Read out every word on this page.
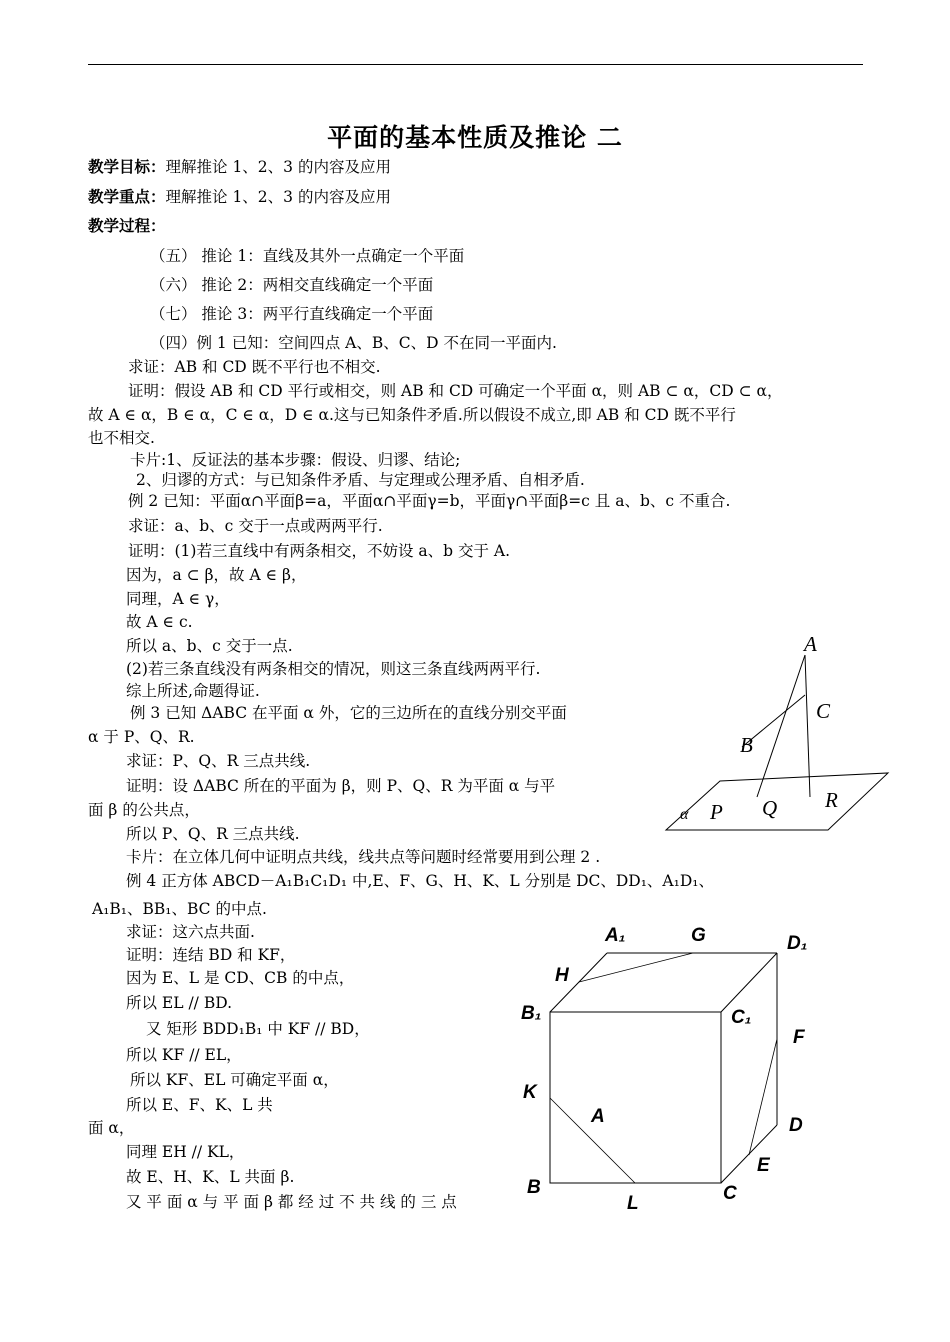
平面的基本性质及推论 二
教学目标：理解推论 1、2、3 的内容及应用
教学重点：理解推论 1、2、3 的内容及应用
教学过程：
（五） 推论 1：直线及其外一点确定一个平面
（六） 推论 2：两相交直线确定一个平面
（七） 推论 3：两平行直线确定一个平面
（四）例 1 已知：空间四点 A、B、C、D 不在同一平面内.
求证：AB 和 CD 既不平行也不相交.
证明：假设 AB 和 CD 平行或相交，则 AB 和 CD 可确定一个平面 α，则 AB ⊂ α，CD ⊂ α，
故 A ∈ α，B ∈ α，C ∈ α，D ∈ α.这与已知条件矛盾.所以假设不成立,即 AB 和 CD 既不平行
也不相交.
卡片:1、反证法的基本步骤：假设、归谬、结论;
2、归谬的方式：与已知条件矛盾、与定理或公理矛盾、自相矛盾.
例 2 已知：平面α∩平面β=a，平面α∩平面γ=b，平面γ∩平面β=c 且 a、b、c 不重合.
求证：a、b、c 交于一点或两两平行.
证明：(1)若三直线中有两条相交，不妨设 a、b 交于 A.
因为，a ⊂ β，故 A ∈ β，
同理，A ∈ γ，
故 A ∈ c.
所以 a、b、c 交于一点.
(2)若三条直线没有两条相交的情况，则这三条直线两两平行.
综上所述,命题得证.
例 3 已知 ΔABC 在平面 α 外，它的三边所在的直线分别交平面
α 于 P、Q、R.
求证：P、Q、R 三点共线.
证明：设 ΔABC 所在的平面为 β，则 P、Q、R 为平面 α 与平
面 β 的公共点，
所以 P、Q、R 三点共线.
卡片：在立体几何中证明点共线，线共点等问题时经常要用到公理 2 .
例 4 正方体 ABCD－A₁B₁C₁D₁ 中,E、F、G、H、K、L 分别是 DC、DD₁、A₁D₁、
A₁B₁、BB₁、BC 的中点.
求证：这六点共面.
证明：连结 BD 和 KF，
因为 E、L 是 CD、CB 的中点，
所以 EL // BD.
又 矩形 BDD₁B₁ 中 KF // BD，
所以 KF // EL，
所以 KF、EL 可确定平面 α，
所以 E、F、K、L 共
面 α，
同理 EH // KL，
故 E、H、K、L 共面 β.
又 平 面 α 与 平 面 β 都 经 过 不 共 线 的 三 点
A
C
B
P Q R
α
A₁	G	D₁
H
B₁	C₁
F
K
A	D
E
B
L	C
